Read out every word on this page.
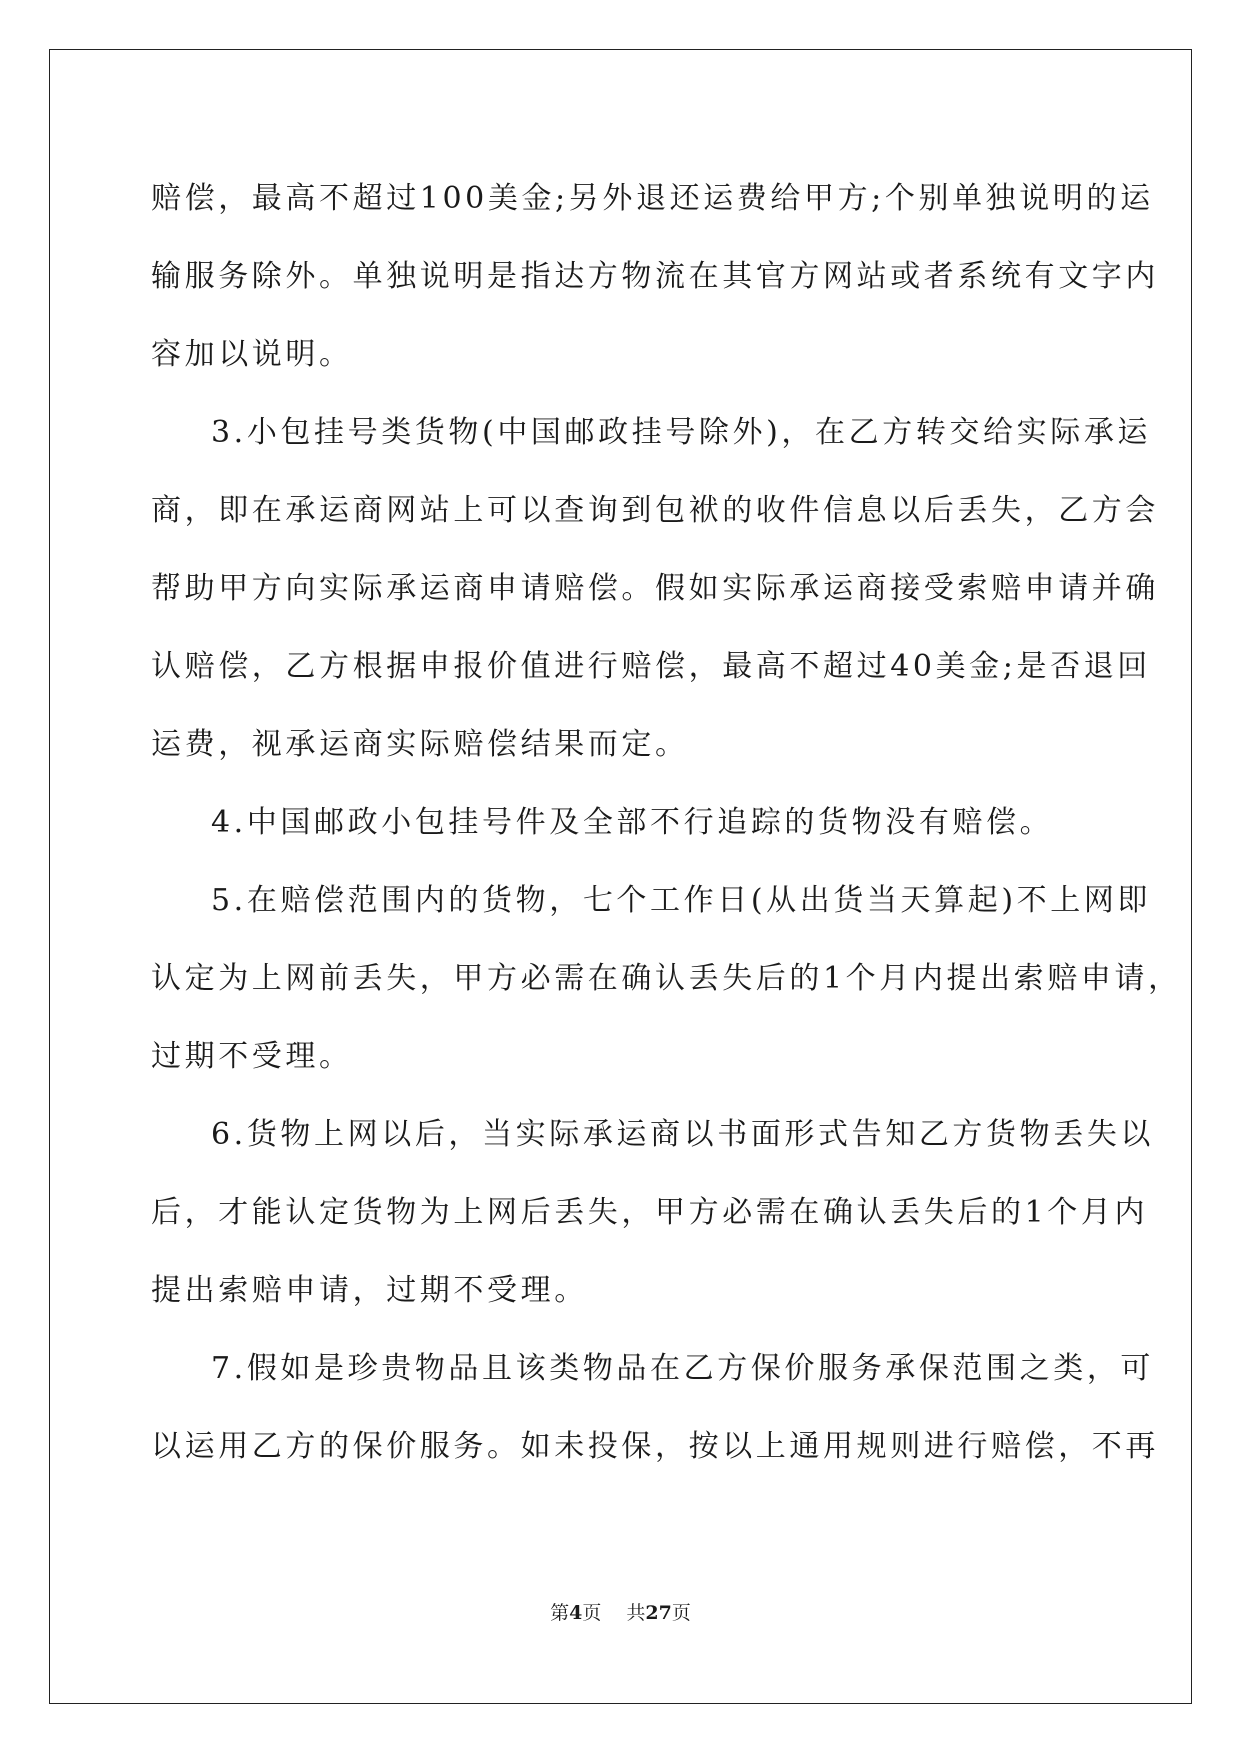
赔偿，最高不超过100美金;另外退还运费给甲方;个别单独说明的运
输服务除外。单独说明是指达方物流在其官方网站或者系统有文字内
容加以说明。
3.小包挂号类货物(中国邮政挂号除外)，在乙方转交给实际承运
商，即在承运商网站上可以查询到包袱的收件信息以后丢失，乙方会
帮助甲方向实际承运商申请赔偿。假如实际承运商接受索赔申请并确
认赔偿，乙方根据申报价值进行赔偿，最高不超过40美金;是否退回
运费，视承运商实际赔偿结果而定。
4.中国邮政小包挂号件及全部不行追踪的货物没有赔偿。
5.在赔偿范围内的货物，七个工作日(从出货当天算起)不上网即
认定为上网前丢失，甲方必需在确认丢失后的1个月内提出索赔申请，
过期不受理。
6.货物上网以后，当实际承运商以书面形式告知乙方货物丢失以
后，才能认定货物为上网后丢失，甲方必需在确认丢失后的1个月内
提出索赔申请，过期不受理。
7.假如是珍贵物品且该类物品在乙方保价服务承保范围之类，可
以运用乙方的保价服务。如未投保，按以上通用规则进行赔偿，不再
第4页   共27页
